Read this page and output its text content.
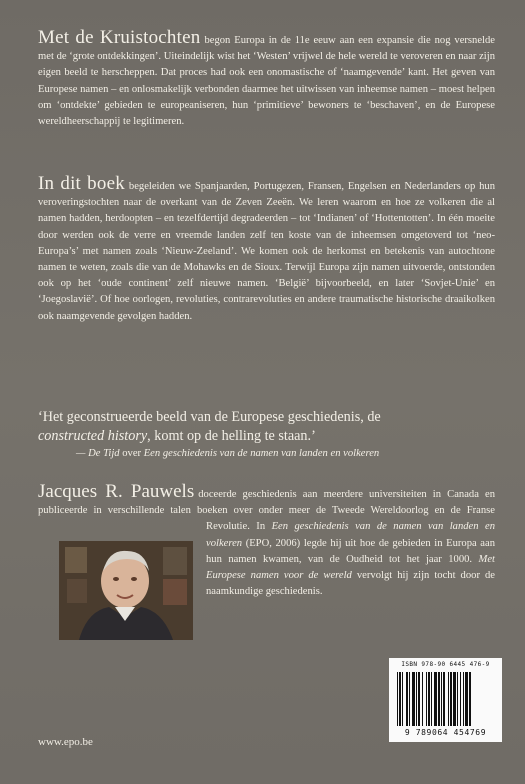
Met de Kruistochten begon Europa in de 11e eeuw aan een expansie die nog versnelde met de ‘grote ontdekkingen’. Uiteindelijk wist het ‘Westen’ vrijwel de hele wereld te veroveren en naar zijn eigen beeld te herscheppen. Dat proces had ook een onomastische of ‘naamgevende’ kant. Het geven van Europese namen – en onlosmakelijk verbonden daarmee het uitwissen van inheemse namen – moest helpen om ‘ontdekte’ gebieden te europeaniseren, hun ‘primitieve’ bewoners te ‘beschaven’, en de Europese wereldheerschappij te legitimeren.

In dit boek begeleiden we Spanjaarden, Portugezen, Fransen, Engelsen en Nederlanders op hun veroveringstochten naar de overkant van de Zeven Zeeën. We leren waarom en hoe ze volkeren die al namen hadden, herdoopten – en tezelfdertijd degradeerden – tot ‘Indianen’ of ‘Hottentotten’. In één moeite door werden ook de verre en vreemde landen zelf ten koste van de inheemsen omgetoverd tot ‘neo-Europa’s’ met namen zoals ‘Nieuw-Zeeland’. We komen ook de herkomst en betekenis van autochtone namen te weten, zoals die van de Mohawks en de Sioux. Terwijl Europa zijn namen uitvoerde, ontstonden ook op het ‘oude continent’ zelf nieuwe namen. ‘België’ bijvoorbeeld, en later ‘Sovjet-Unie’ en ‘Joegoslavië’. Of hoe oorlogen, revoluties, contrarevoluties en andere traumatische historische draaikolken ook naamgevende gevolgen hadden.

‘Het geconstrueerde beeld van de Europese geschiedenis, de
constructed history, komt op de helling te staan.’

— De Tijd over Een geschiedenis van de namen van landen en volkeren

Jacques R. Pauwels doceerde geschiedenis aan meerdere universiteiten in Canada en publiceerde in verschillende talen boeken over onder meer de Tweede Wereldoorlog en de Franse Revolutie. In Een geschiedenis van de namen van landen en volkeren (EPO, 2006) legde hij uit hoe de gebieden in Europa aan hun namen kwamen, van de Oudheid tot het jaar 1000. Met Europese namen voor de wereld vervolgt hij zijn tocht door de naamkundige geschiedenis.

ISBN 978-90 6445 476-9
9 789064 454769
www.epo.be
